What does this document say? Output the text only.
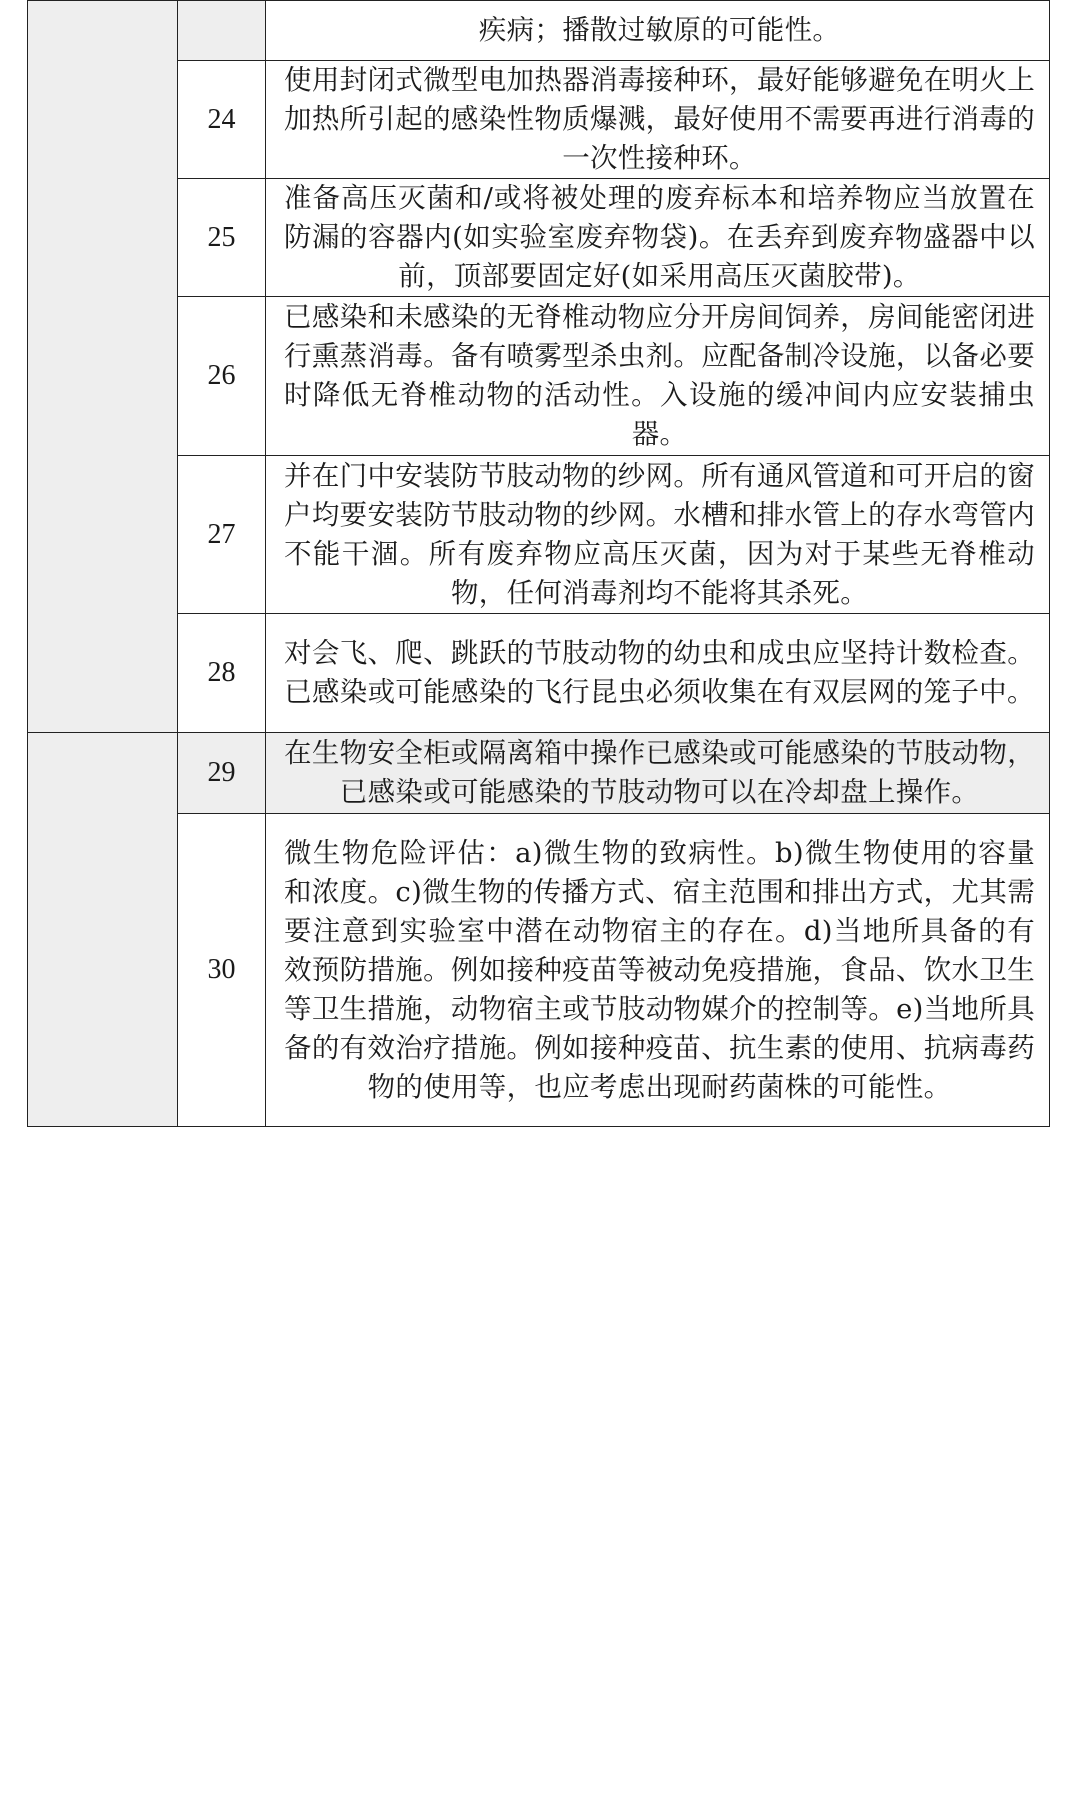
		疾病；播散过敏原的可能性。
	24	使用封闭式微型电加热器消毒接种环，最好能够避免在明火上加热所引起的感染性物质爆溅，最好使用不需要再进行消毒的一次性接种环。
	25	准备高压灭菌和/或将被处理的废弃标本和培养物应当放置在防漏的容器内(如实验室废弃物袋)。在丢弃到废弃物盛器中以前，顶部要固定好(如采用高压灭菌胶带)。
	26	已感染和未感染的无脊椎动物应分开房间饲养，房间能密闭进行熏蒸消毒。备有喷雾型杀虫剂。应配备制冷设施，以备必要时降低无脊椎动物的活动性。入设施的缓冲间内应安装捕虫器。
	27	并在门中安装防节肢动物的纱网。所有通风管道和可开启的窗户均要安装防节肢动物的纱网。水槽和排水管上的存水弯管内不能干涸。所有废弃物应高压灭菌，因为对于某些无脊椎动物，任何消毒剂均不能将其杀死。
	28	对会飞、爬、跳跃的节肢动物的幼虫和成虫应坚持计数检查。已感染或可能感染的飞行昆虫必须收集在有双层网的笼子中。
	29	在生物安全柜或隔离箱中操作已感染或可能感染的节肢动物，已感染或可能感染的节肢动物可以在冷却盘上操作。
	30	微生物危险评估：a)微生物的致病性。b)微生物使用的容量和浓度。c)微生物的传播方式、宿主范围和排出方式，尤其需要注意到实验室中潜在动物宿主的存在。d)当地所具备的有效预防措施。例如接种疫苗等被动免疫措施，食品、饮水卫生等卫生措施，动物宿主或节肢动物媒介的控制等。e)当地所具备的有效治疗措施。例如接种疫苗、抗生素的使用、抗病毒药物的使用等，也应考虑出现耐药菌株的可能性。
